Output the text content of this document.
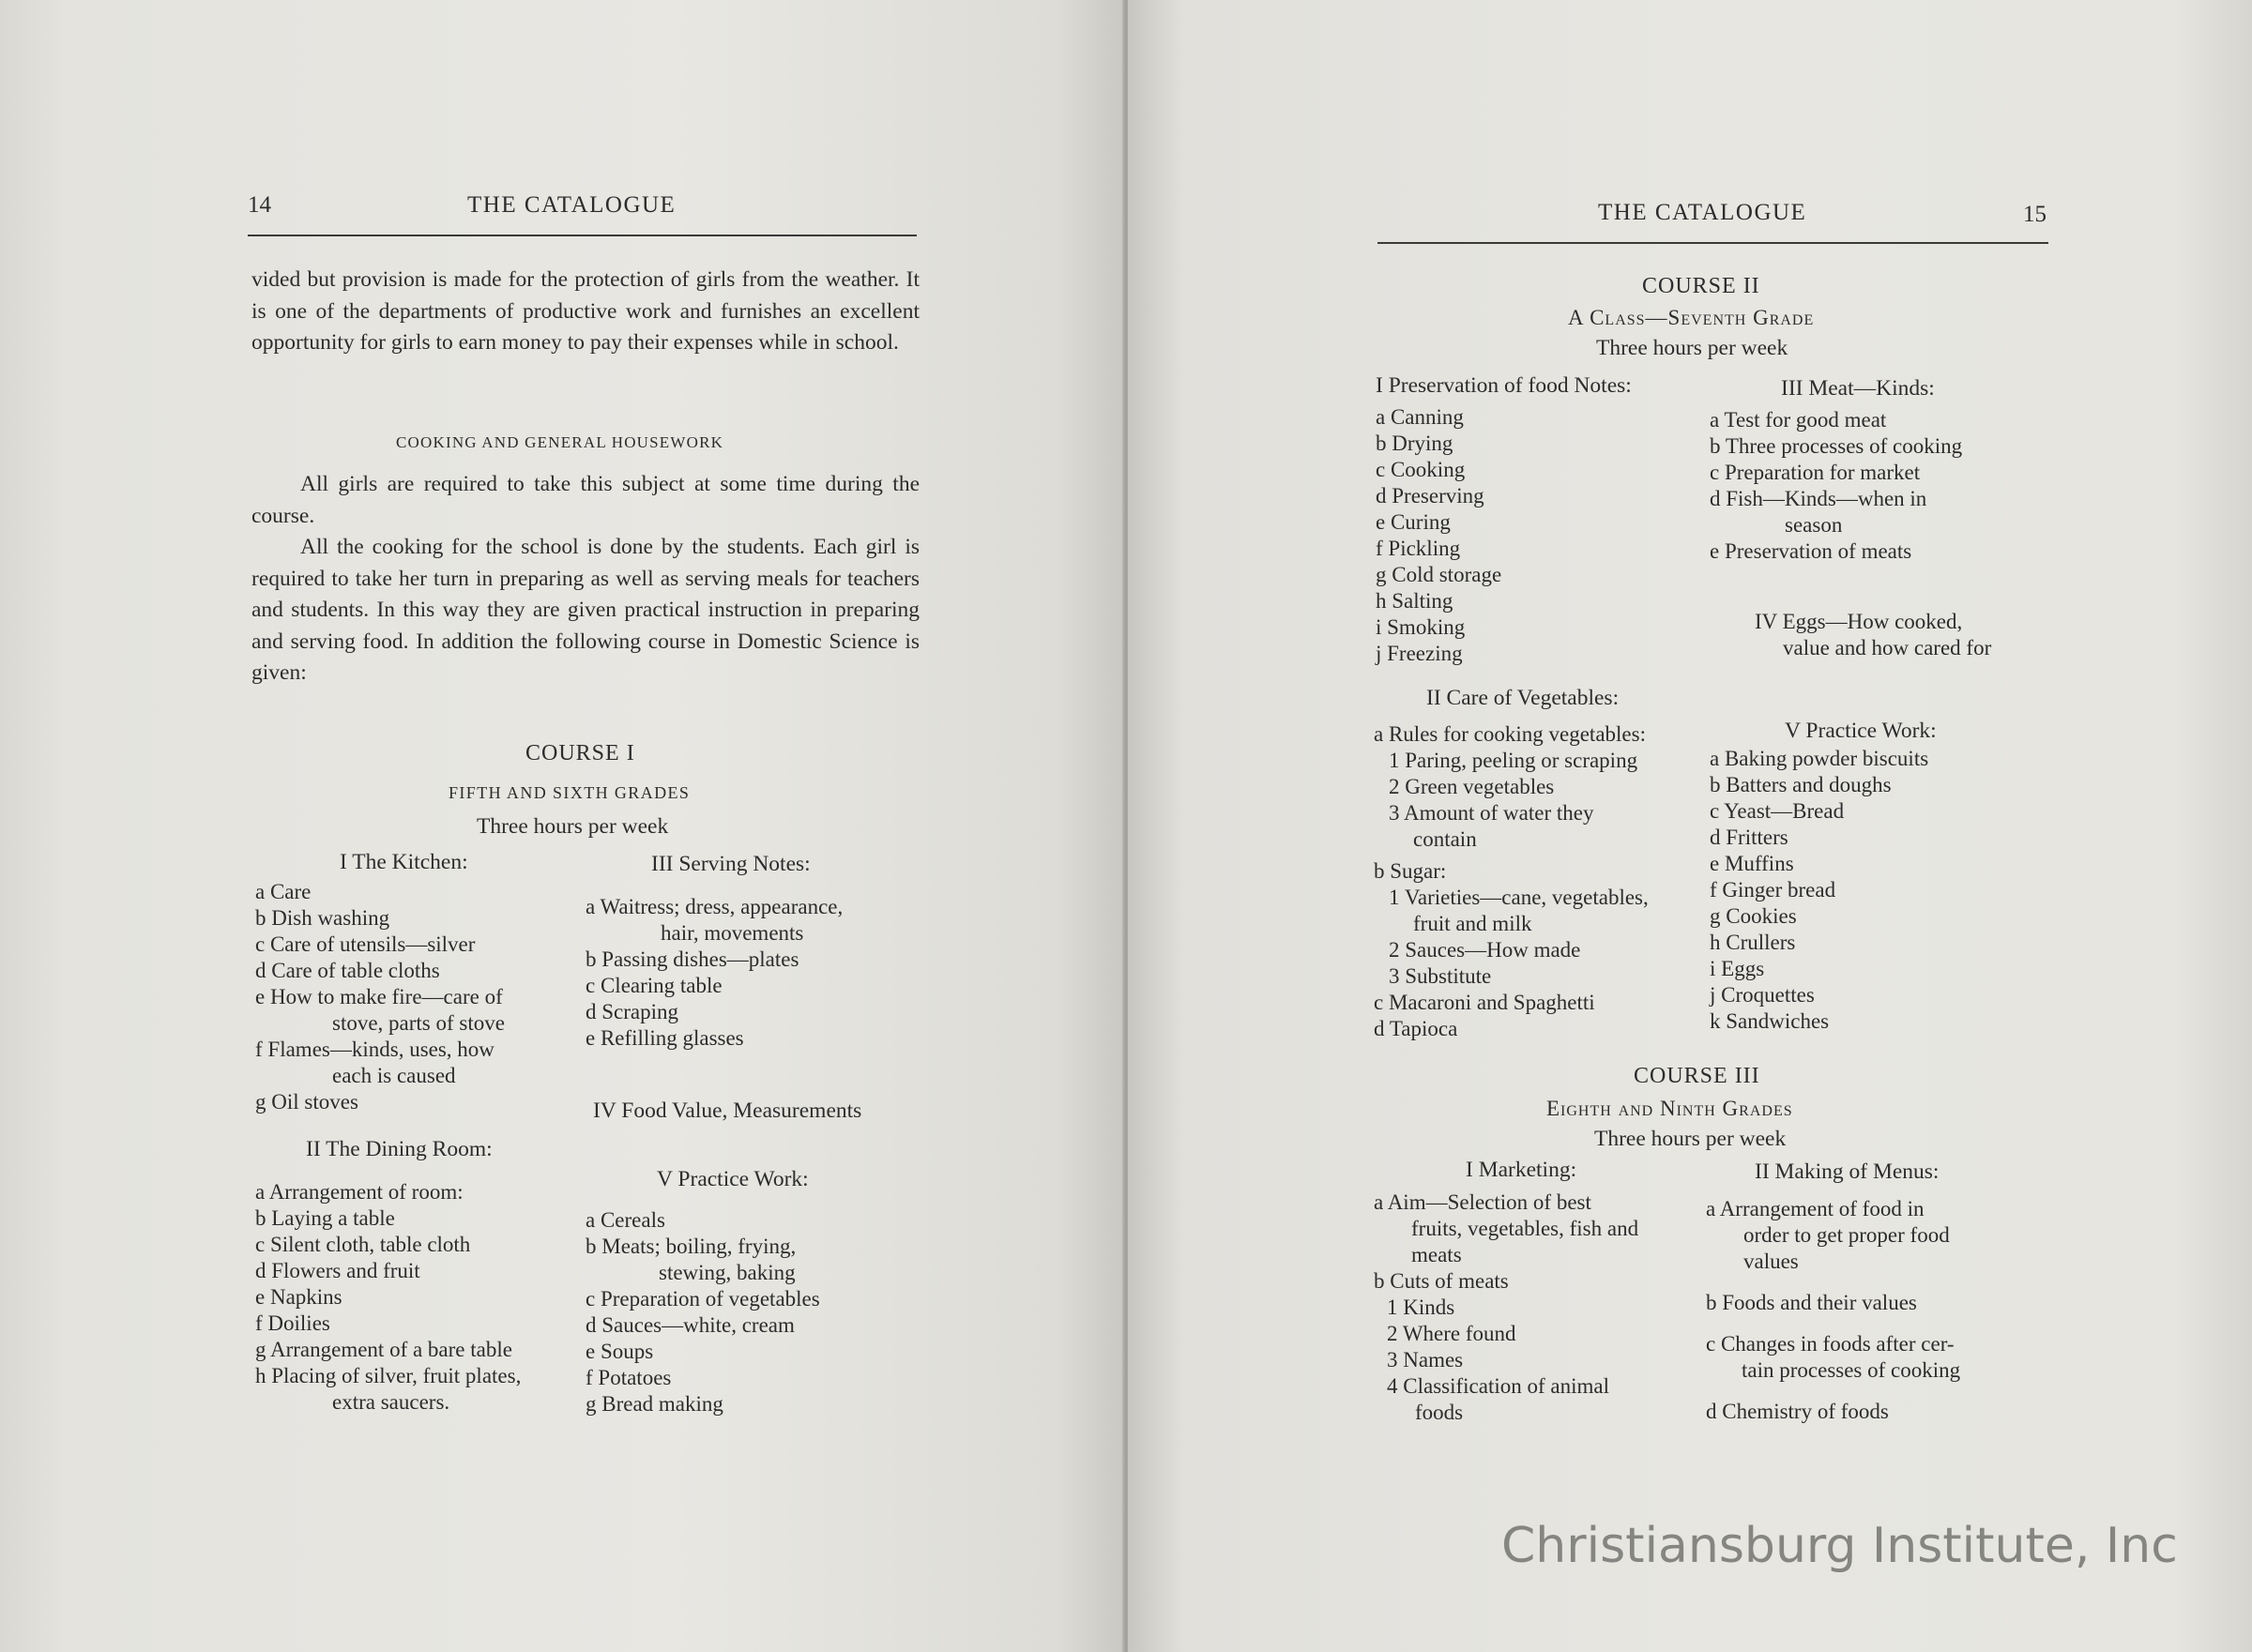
14	THE CATALOGUE

vided but provision is made for the protection of girls from the weather. It is one of the departments of productive work and furnishes an excellent opportunity for girls to earn money to pay their expenses while in school.

COOKING AND GENERAL HOUSEWORK

All girls are required to take this subject at some time during the course.

All the cooking for the school is done by the students. Each girl is required to take her turn in preparing as well as serving meals for teachers and students. In this way they are given practical instruction in preparing and serving food. In addition the following course in Domestic Science is given:

COURSE I
FIFTH AND SIXTH GRADES
Three hours per week
I The Kitchen:
a Care
b Dish washing
c Care of utensils—silver
d Care of table cloths
e How to make fire—care of
stove, parts of stove
f Flames—kinds, uses, how
each is caused
g Oil stoves
II The Dining Room:
a Arrangement of room:
b Laying a table
c Silent cloth, table cloth
d Flowers and fruit
e Napkins
f Doilies
g Arrangement of a bare table
h Placing of silver, fruit plates,
extra saucers.
III Serving Notes:
a Waitress; dress, appearance,
hair, movements
b Passing dishes—plates
c Clearing table
d Scraping
e Refilling glasses
IV Food Value, Measurements
V Practice Work:
a Cereals
b Meats; boiling, frying,
stewing, baking
c Preparation of vegetables
d Sauces—white, cream
e Soups
f Potatoes
g Bread making
THE CATALOGUE	15
COURSE II
A Class—Seventh Grade
Three hours per week
I Preservation of food Notes:
a Canning
b Drying
c Cooking
d Preserving
e Curing
f Pickling
g Cold storage
h Salting
i Smoking
j Freezing
III Meat—Kinds:
a Test for good meat
b Three processes of cooking
c Preparation for market
d Fish—Kinds—when in
season
e Preservation of meats
IV Eggs—How cooked,
value and how cared for
II Care of Vegetables:
a Rules for cooking vegetables:
1 Paring, peeling or scraping
2 Green vegetables
3 Amount of water they
contain
b Sugar:
1 Varieties—cane, vegetables,
fruit and milk
2 Sauces—How made
3 Substitute
c Macaroni and Spaghetti
d Tapioca
V Practice Work:
a Baking powder biscuits
b Batters and doughs
c Yeast—Bread
d Fritters
e Muffins
f Ginger bread
g Cookies
h Crullers
i Eggs
j Croquettes
k Sandwiches
COURSE III
Eighth and Ninth Grades
Three hours per week
I Marketing:
a Aim—Selection of best
fruits, vegetables, fish and
meats
b Cuts of meats
1 Kinds
2 Where found
3 Names
4 Classification of animal
foods
II Making of Menus:
a Arrangement of food in
order to get proper food
values
b Foods and their values
c Changes in foods after cer-
tain processes of cooking
d Chemistry of foods
Christiansburg Institute, Inc
